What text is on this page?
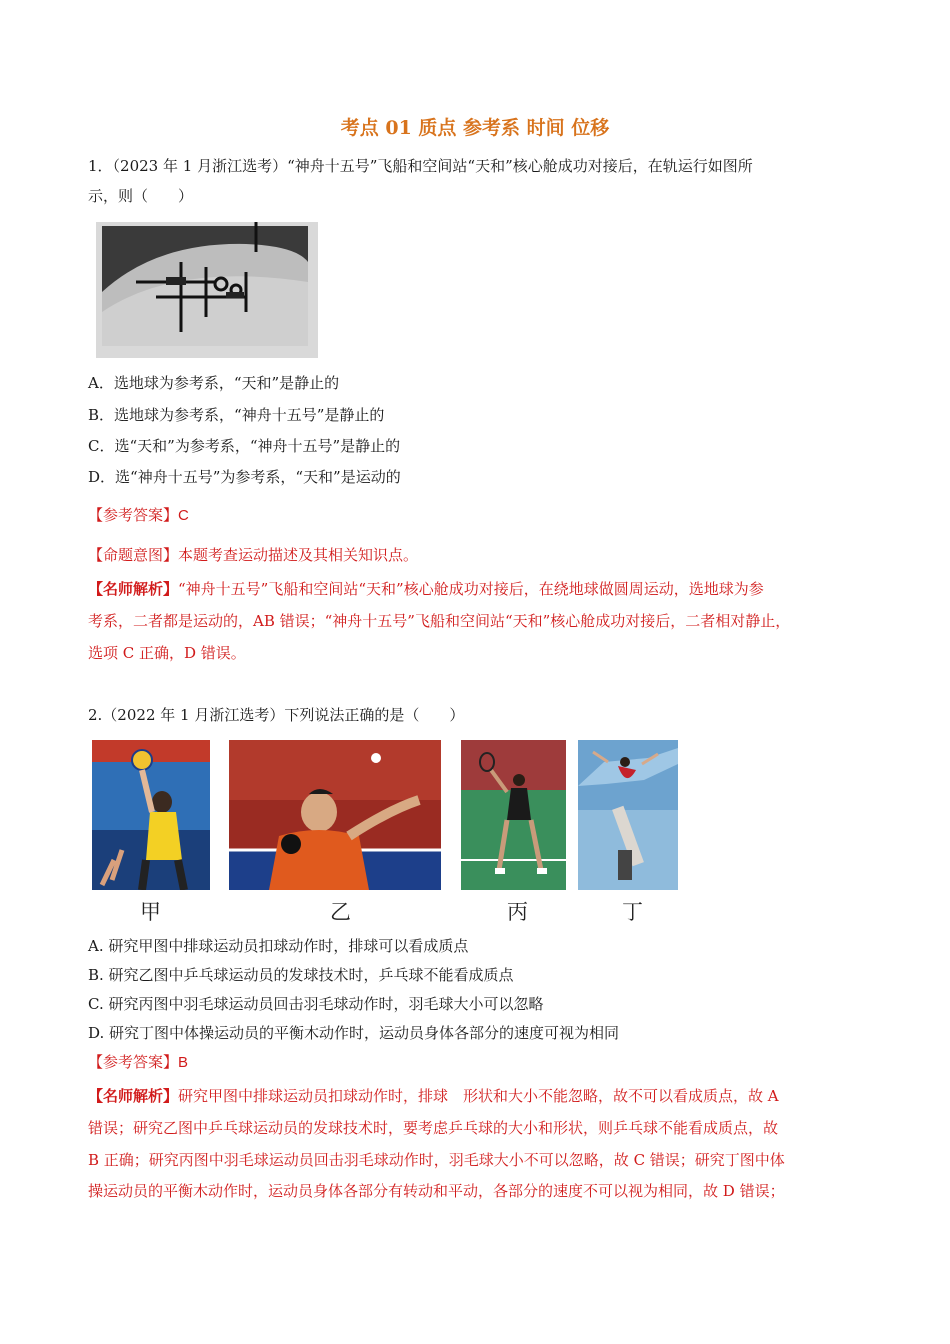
考点 01 质点 参考系 时间 位移
1．（2023 年 1 月浙江选考）“神舟十五号”飞船和空间站“天和”核心舱成功对接后，在轨运行如图所
示，则（　　）
A．选地球为参考系，“天和”是静止的
B．选地球为参考系，“神舟十五号”是静止的
C．选“天和”为参考系，“神舟十五号”是静止的
D．选“神舟十五号”为参考系，“天和”是运动的
【参考答案】C
【命题意图】本题考查运动描述及其相关知识点。
【名师解析】“神舟十五号”飞船和空间站“天和”核心舱成功对接后，在绕地球做圆周运动，选地球为参
考系，二者都是运动的，AB 错误；“神舟十五号”飞船和空间站“天和”核心舱成功对接后，二者相对静止，
选项 C 正确，D 错误。
2.（2022 年 1 月浙江选考）下列说法正确的是（　　）
甲	乙	丙	丁
A. 研究甲图中排球运动员扣球动作时，排球可以看成质点
B. 研究乙图中乒乓球运动员的发球技术时，乒乓球不能看成质点
C. 研究丙图中羽毛球运动员回击羽毛球动作时，羽毛球大小可以忽略
D. 研究丁图中体操运动员的平衡木动作时，运动员身体各部分的速度可视为相同
【参考答案】B
【名师解析】研究甲图中排球运动员扣球动作时，排球　形状和大小不能忽略，故不可以看成质点，故 A
错误；研究乙图中乒乓球运动员的发球技术时，要考虑乒乓球的大小和形状，则乒乓球不能看成质点，故
B 正确；研究丙图中羽毛球运动员回击羽毛球动作时，羽毛球大小不可以忽略，故 C 错误；研究丁图中体
操运动员的平衡木动作时，运动员身体各部分有转动和平动，各部分的速度不可以视为相同，故 D 错误；
